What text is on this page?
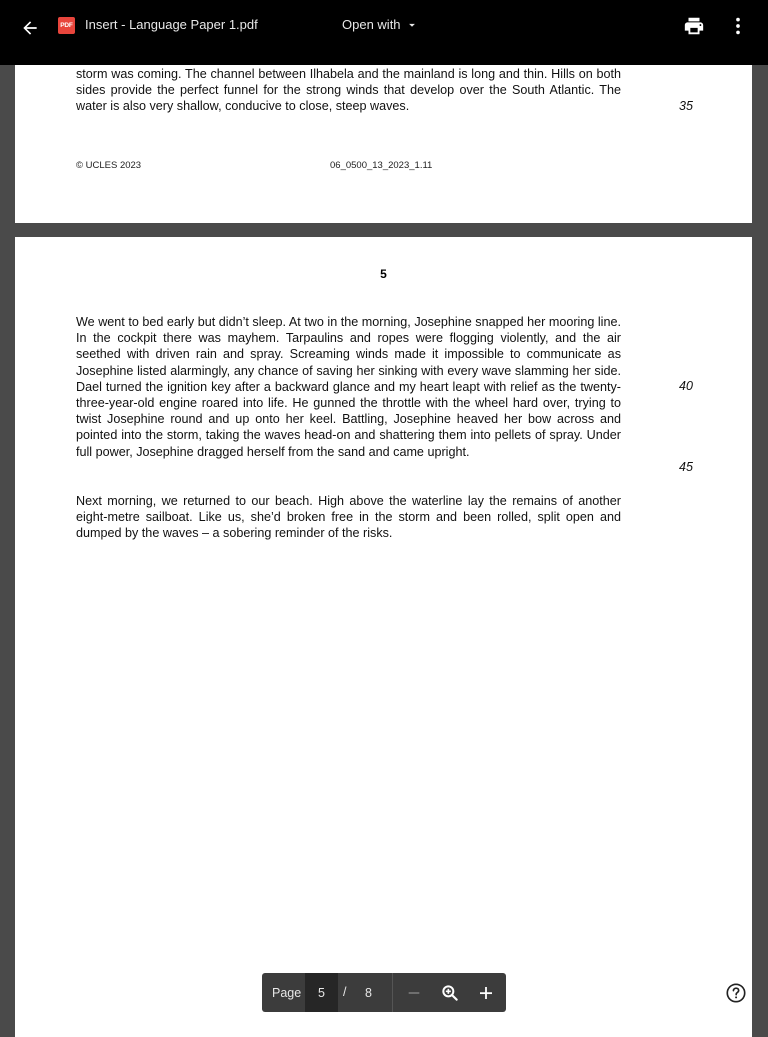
PDF Insert - Language Paper 1.pdf	Open with

storm was coming. The channel between Ilhabela and the mainland is long and thin. Hills on both sides provide the perfect funnel for the strong winds that develop over the South Atlantic. The water is also very shallow, conducive to close, steep waves.	35
© UCLES 2023	06_0500_13_2023_1.11
5

We went to bed early but didn’t sleep. At two in the morning, Josephine snapped her mooring line. In the cockpit there was mayhem. Tarpaulins and ropes were flogging violently, and the air seethed with driven rain and spray. Screaming winds made it impossible to communicate as Josephine listed alarmingly, any chance of saving her sinking with every wave slamming her side. Dael turned the ignition key after a backward glance and my heart leapt with relief as the twenty-three-year-old engine roared into life. He gunned the throttle with the wheel hard over, trying to twist Josephine round and up onto her keel. Battling, Josephine heaved her bow across and pointed into the storm, taking the waves head-on and shattering them into pellets of spray. Under full power, Josephine dragged herself from the sand and came upright.

40
45

Next morning, we returned to our beach. High above the waterline lay the remains of another eight-metre sailboat. Like us, she’d broken free in the storm and been rolled, split open and dumped by the waves – a sobering reminder of the risks.

Page 5 / 8
